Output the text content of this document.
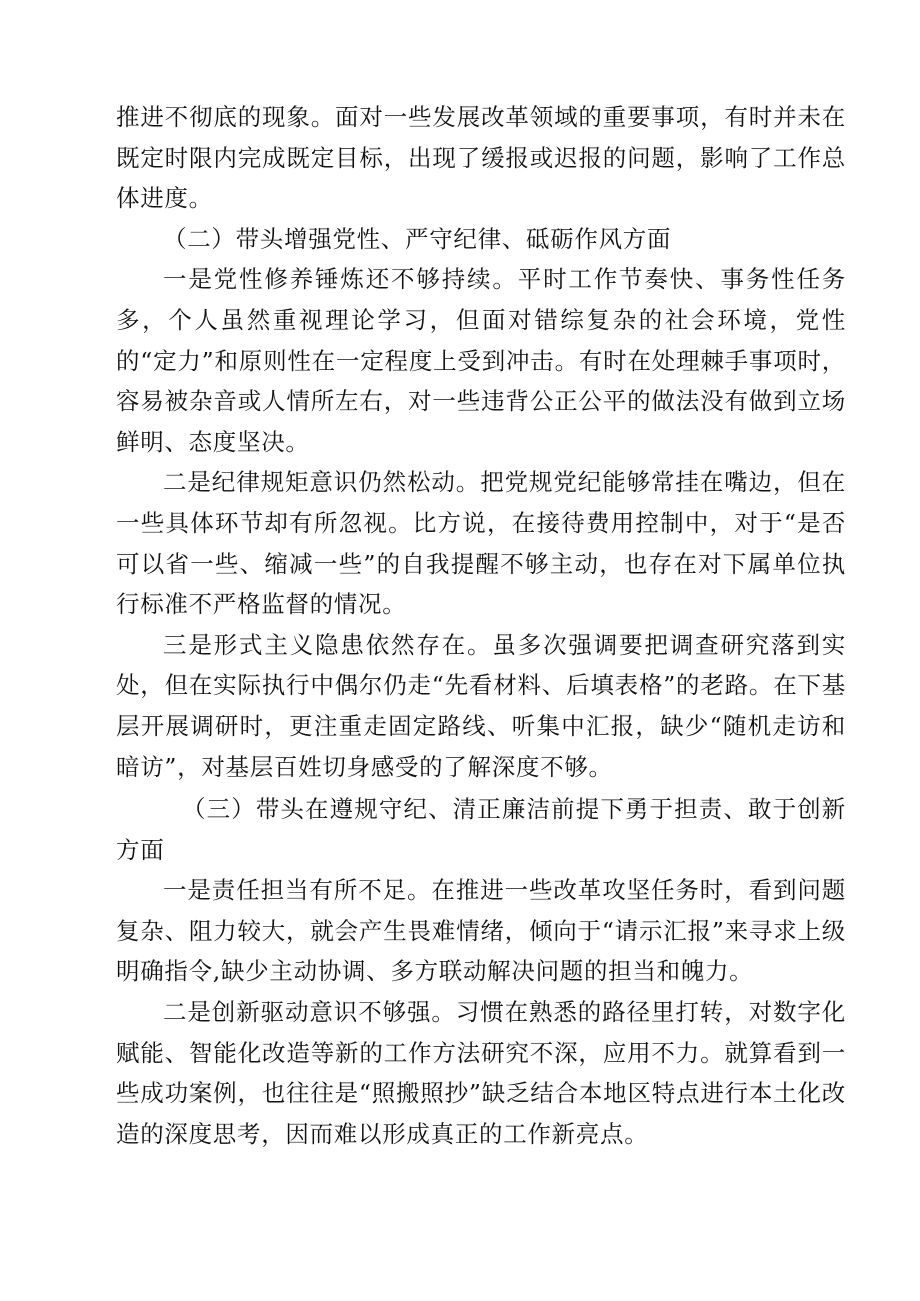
推进不彻底的现象。面对一些发展改革领域的重要事项，有时并未在既定时限内完成既定目标，出现了缓报或迟报的问题，影响了工作总体进度。

（二）带头增强党性、严守纪律、砥砺作风方面

一是党性修养锤炼还不够持续。平时工作节奏快、事务性任务多，个人虽然重视理论学习，但面对错综复杂的社会环境，党性的“定力”和原则性在一定程度上受到冲击。有时在处理棘手事项时，容易被杂音或人情所左右，对一些违背公正公平的做法没有做到立场鲜明、态度坚决。

二是纪律规矩意识仍然松动。把党规党纪能够常挂在嘴边，但在一些具体环节却有所忽视。比方说，在接待费用控制中，对于“是否可以省一些、缩减一些”的自我提醒不够主动，也存在对下属单位执行标准不严格监督的情况。

三是形式主义隐患依然存在。虽多次强调要把调查研究落到实处，但在实际执行中偶尔仍走“先看材料、后填表格”的老路。在下基层开展调研时，更注重走固定路线、听集中汇报，缺少“随机走访和暗访”，对基层百姓切身感受的了解深度不够。

（三）带头在遵规守纪、清正廉洁前提下勇于担责、敢于创新方面

一是责任担当有所不足。在推进一些改革攻坚任务时，看到问题复杂、阻力较大，就会产生畏难情绪，倾向于“请示汇报”来寻求上级明确指令,缺少主动协调、多方联动解决问题的担当和魄力。

二是创新驱动意识不够强。习惯在熟悉的路径里打转，对数字化赋能、智能化改造等新的工作方法研究不深，应用不力。就算看到一些成功案例，也往往是“照搬照抄”缺乏结合本地区特点进行本土化改造的深度思考，因而难以形成真正的工作新亮点。
